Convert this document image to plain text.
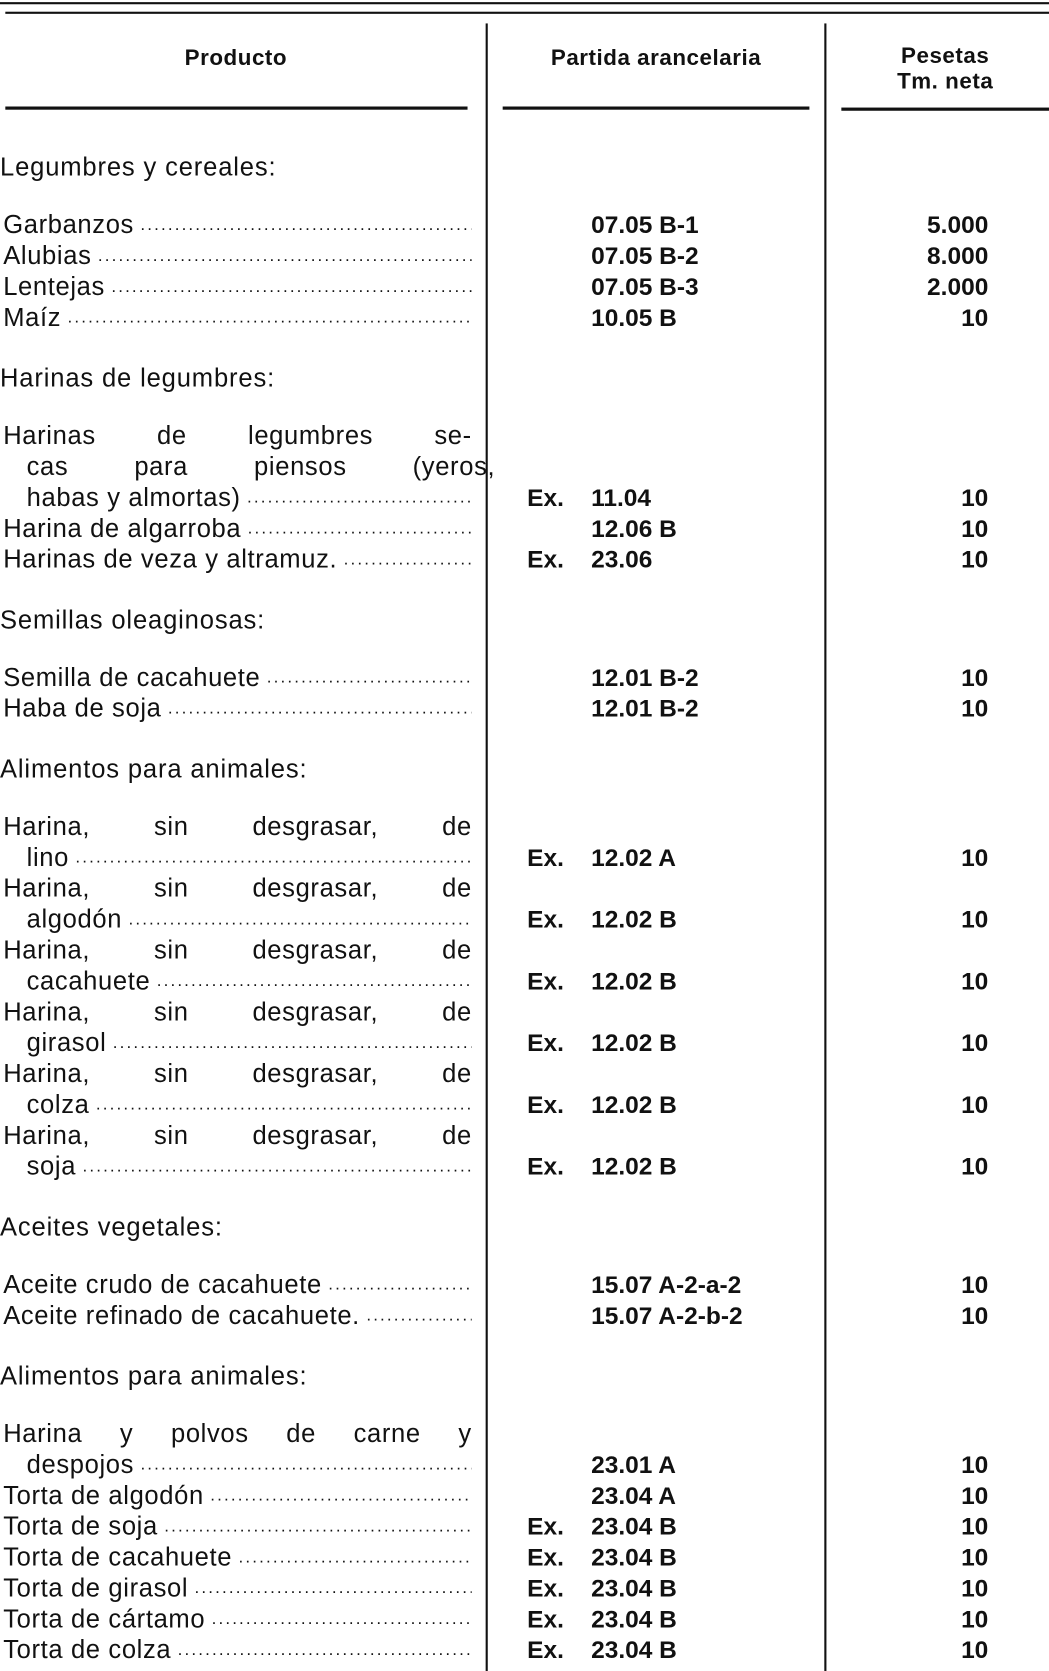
Producto	Partida arancelaria	Pesetas
Tm. neta
Legumbres y cereales:
Garbanzos .....	07.05 B-1	5.000
Alubias .....	07.05 B-2	8.000
Lentejas .....	07.05 B-3	2.000
Maíz .....	10.05 B	10
Harinas de legumbres:
Harinas de legumbres se-
cas para piensos (yeros,
habas y almortas) .....	Ex. 11.04	10
Harina de algarroba .....	12.06 B	10
Harinas de veza y altramuz. .....	Ex. 23.06	10
Semillas oleaginosas:
Semilla de cacahuete .....	12.01 B-2	10
Haba de soja .....	12.01 B-2	10
Alimentos para animales:
Harina, sin desgrasar, de
lino .....	Ex. 12.02 A	10
Harina, sin desgrasar, de
algodón .....	Ex. 12.02 B	10
Harina, sin desgrasar, de
cacahuete .....	Ex. 12.02 B	10
Harina, sin desgrasar, de
girasol .....	Ex. 12.02 B	10
Harina, sin desgrasar, de
colza .....	Ex. 12.02 B	10
Harina, sin desgrasar, de
soja .....	Ex. 12.02 B	10
Aceites vegetales:
Aceite crudo de cacahuete .....	15.07 A-2-a-2	10
Aceite refinado de cacahuete. .....	15.07 A-2-b-2	10
Alimentos para animales:
Harina y polvos de carne y
despojos .....	23.01 A	10
Torta de algodón .....	23.04 A	10
Torta de soja .....	Ex. 23.04 B	10
Torta de cacahuete .....	Ex. 23.04 B	10
Torta de girasol .....	Ex. 23.04 B	10
Torta de cártamo .....	Ex. 23.04 B	10
Torta de colza .....	Ex. 23.04 B	10
